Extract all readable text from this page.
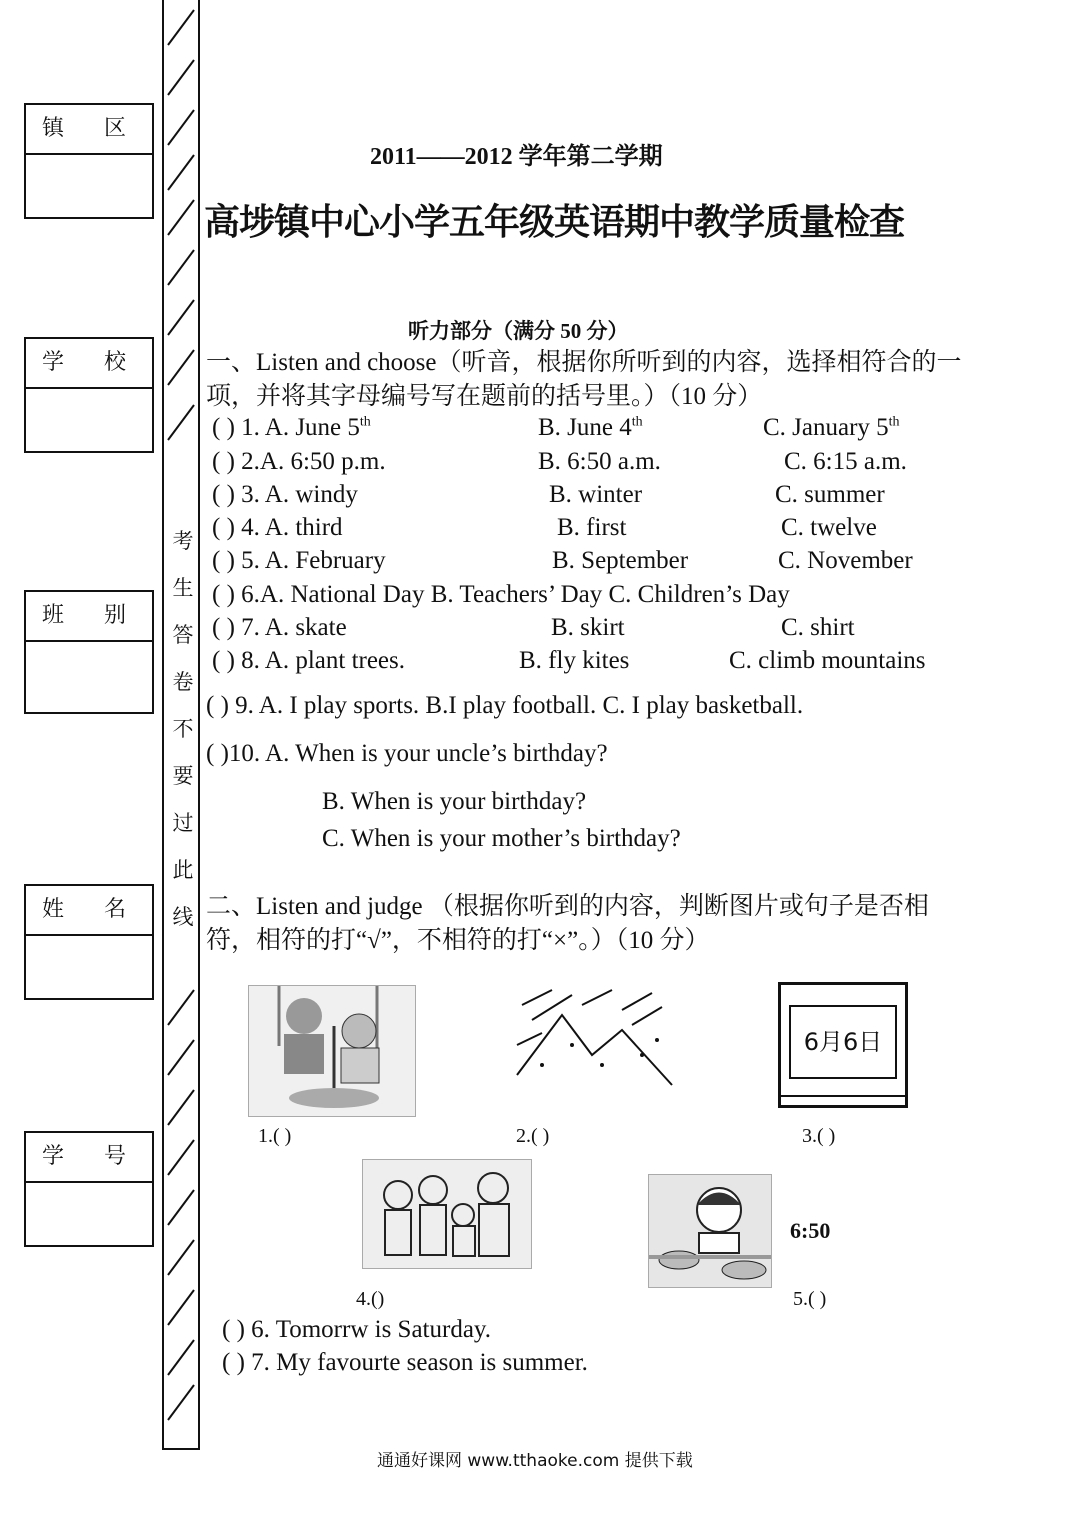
镇区
学校
班别
姓名
学号
考
生
答
卷
不
要
过
此
线
2011――2012 学年第二学期
高埗镇中心小学五年级英语期中教学质量检查
听力部分（满分 50 分）
一、Listen and choose（听音，根据你所听到的内容，选择相符合的一项，并将其字母编号写在题前的括号里。）（10 分）
( ) 1. A. June 5th	B. June 4th	C. January 5th
( ) 2.A. 6:50 p.m.	B. 6:50 a.m.	C. 6:15 a.m.
( ) 3. A. windy	B. winter	C. summer
( ) 4. A. third	B. first	C. twelve
( ) 5. A. February	B. September	C. November
( ) 6.A. National Day B. Teachers’ Day C. Children’s Day
( ) 7. A. skate	B. skirt	C. shirt
( ) 8. A. plant trees.	B. fly kites	C. climb mountains
( ) 9. A. I play sports. B.I play football. C. I play basketball.
( )10. A. When is your uncle’s birthday?
B. When is your birthday?
C. When is your mother’s birthday?
二、Listen and judge （根据你听到的内容，判断图片或句子是否相符，相符的打“√”，不相符的打“×”。）（10 分）
6月6日
1.( )	2.( )	3.( )
6:50
4.()	5.( )
( ) 6. Tomorrw is Saturday.
( ) 7. My favourte season is summer.
通通好课网 www.tthaoke.com 提供下载
